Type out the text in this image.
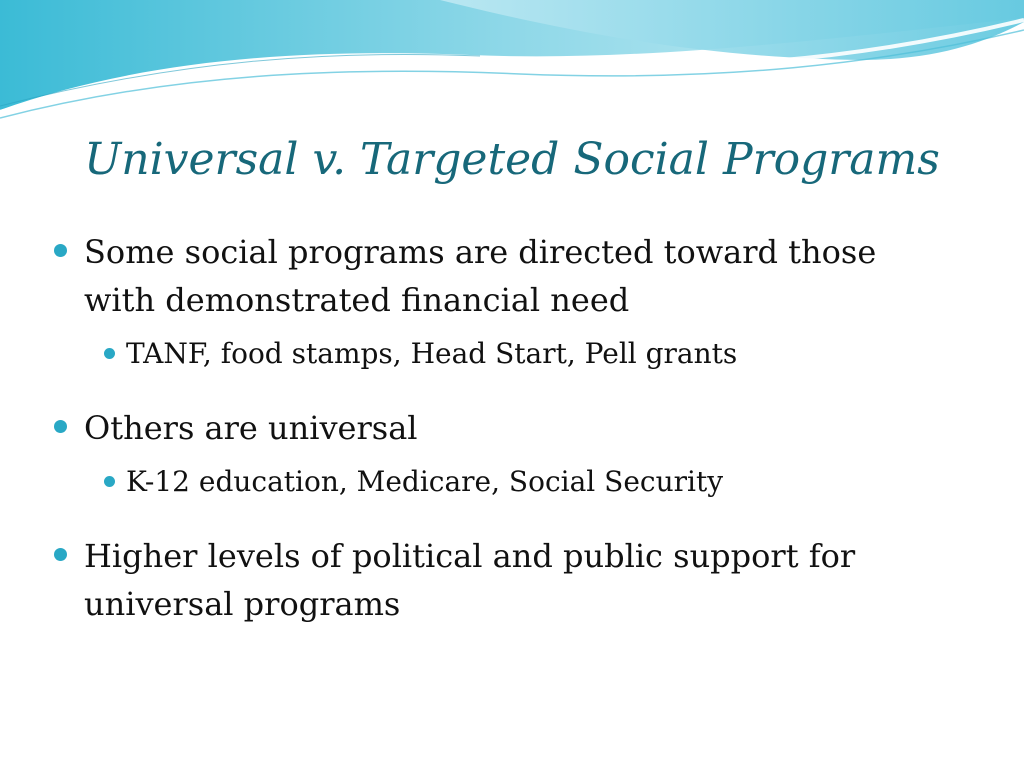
Universal v. Targeted Social Programs
Some social programs are directed toward those with demonstrated financial need
TANF, food stamps, Head Start, Pell grants
Others are universal
K-12 education, Medicare, Social Security
Higher levels of political and public support for universal programs
